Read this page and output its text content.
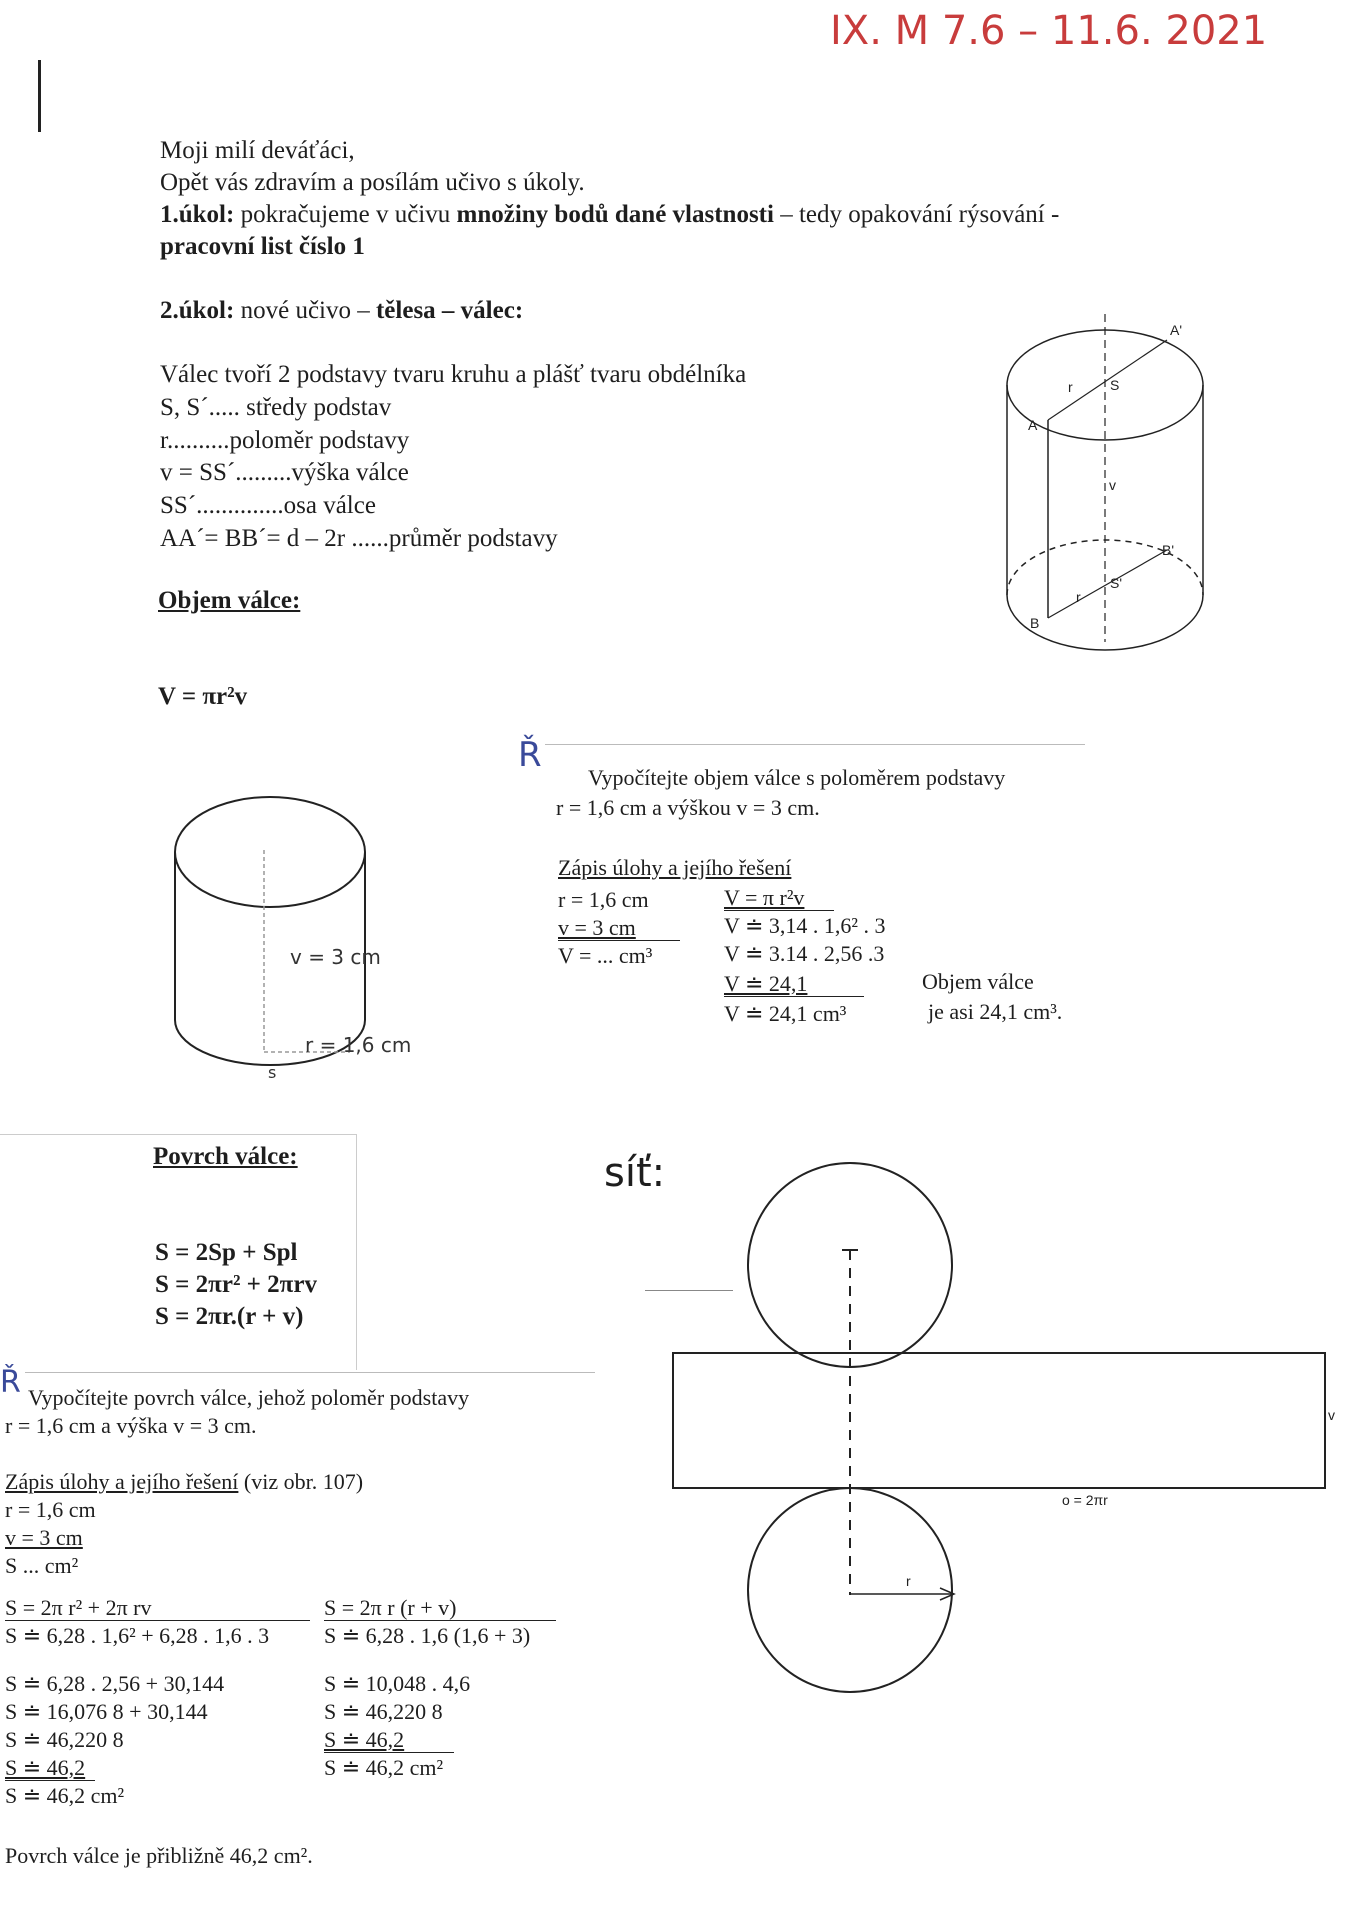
IX. M 7.6 – 11.6. 2021
Moji milí deváťáci,
Opět vás zdravím a posílám učivo s úkoly.
1.úkol: pokračujeme v učivu množiny bodů dané vlastnosti – tedy opakování rýsování -
pracovní list číslo 1
2.úkol: nové učivo – tělesa – válec:
Válec tvoří 2 podstavy tvaru kruhu a plášť tvaru obdélníka
S, S´..... středy podstav
r..........poloměr podstavy
v = SS´.........výška válce
SS´..............osa válce
AA´= BB´= d – 2r ......průměr podstavy
A'
S
r
A
v
B'
S'
r
B
Objem válce:
V = πr²v
v = 3 cm
r = 1,6 cm
s
Ř
Vypočítejte objem válce s poloměrem podstavy
r = 1,6 cm a výškou v = 3 cm.
Zápis úlohy a jejího řešení
r = 1,6 cm
v = 3 cm
V = ... cm³
V = π r²v
V ≐ 3,14 . 1,6² . 3
V ≐ 3.14 . 2,56 .3
V ≐ 24,1
V ≐ 24,1 cm³
Objem válce
je asi 24,1 cm³.
Povrch válce:
S = 2Sp + Spl
S = 2πr² + 2πrv
S = 2πr.(r + v)
síť:
v
o = 2πr
r
Ř Vypočítejte povrch válce, jehož poloměr podstavy
r = 1,6 cm a výška v = 3 cm.
Zápis úlohy a jejího řešení (viz obr. 107)
r = 1,6 cm
v = 3 cm
S ... cm²
S = 2π r² + 2π rv
S ≐ 6,28 . 1,6² + 6,28 . 1,6 . 3
S = 2π r (r + v)
S ≐ 6,28 . 1,6 (1,6 + 3)
S ≐ 6,28 . 2,56 + 30,144
S ≐ 16,076 8 + 30,144
S ≐ 46,220 8
S ≐ 46,2
S ≐ 46,2 cm²
S ≐ 10,048 . 4,6
S ≐ 46,220 8
S ≐ 46,2
S ≐ 46,2 cm²
Povrch válce je přibližně 46,2 cm².
